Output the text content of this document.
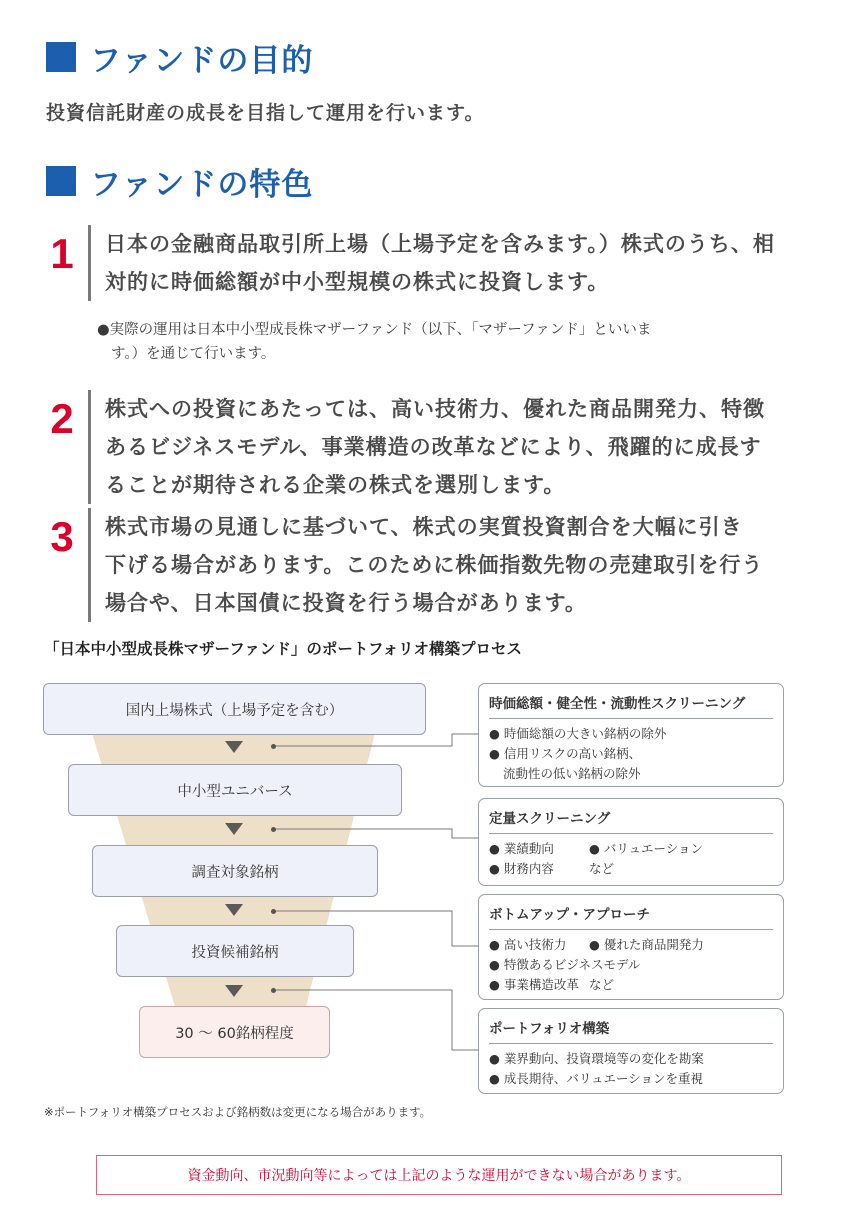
ファンドの目的
投資信託財産の成長を目指して運用を行います。
ファンドの特色
1	日本の金融商品取引所上場（上場予定を含みます。）株式のうち、相
対的に時価総額が中小型規模の株式に投資します。
●実際の運用は日本中小型成長株マザーファンド（以下、「マザーファンド」といいま
す。）を通じて行います。
2	株式への投資にあたっては、高い技術力、優れた商品開発力、特徴
あるビジネスモデル、事業構造の改革などにより、飛躍的に成長す
ることが期待される企業の株式を選別します。
3	株式市場の見通しに基づいて、株式の実質投資割合を大幅に引き
下げる場合があります。このために株価指数先物の売建取引を行う
場合や、日本国債に投資を行う場合があります。
「日本中小型成長株マザーファンド」のポートフォリオ構築プロセス
国内上場株式（上場予定を含む）
中小型ユニバース
調査対象銘柄
投資候補銘柄
30 ～ 60銘柄程度
時価総額・健全性・流動性スクリーニング
● 時価総額の大きい銘柄の除外
● 信用リスクの高い銘柄、
流動性の低い銘柄の除外
定量スクリーニング
● 業績動向	● バリュエーション
● 財務内容	など
ボトムアップ・アプローチ
● 高い技術力	● 優れた商品開発力
● 特徴あるビジネスモデル
● 事業構造改革 など
ポートフォリオ構築
● 業界動向、投資環境等の変化を勘案
● 成長期待、バリュエーションを重視
※ポートフォリオ構築プロセスおよび銘柄数は変更になる場合があります。
資金動向、市況動向等によっては上記のような運用ができない場合があります。
